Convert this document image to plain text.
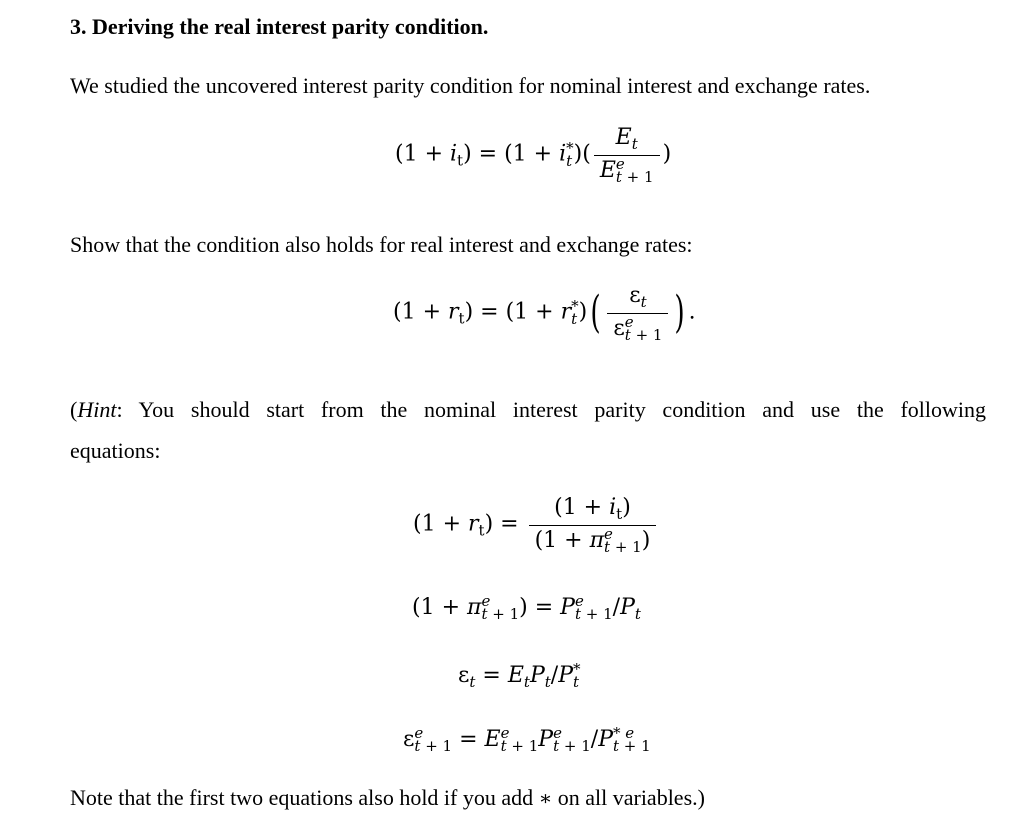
3. Deriving the real interest parity condition.
We studied the uncovered interest parity condition for nominal interest and exchange rates.
$(1 + i_t) = (1 + i$ *
t )( $E_t$
E e
t + 1 )
Show that the condition also holds for real interest and exchange rates:
$(1 + r_t) = (1 + r$ *
t )( $\varepsilon_t$
ε e
t + 1 ) .
(Hint: You should start from the nominal interest parity condition and use the following
equations:
$(1 + r_t) = (1 + i_t)$
(1 + π e
t + 1 )
(1 + π e
t + 1 ) = P e
t + 1 $/P_t$
$\varepsilon_t = E_tP_t/P$ *
t
ε e
t + 1 = E e
t + 1 P e
t + 1 /P * e
t + 1
Note that the first two equations also hold if you add ∗ on all variables.)
